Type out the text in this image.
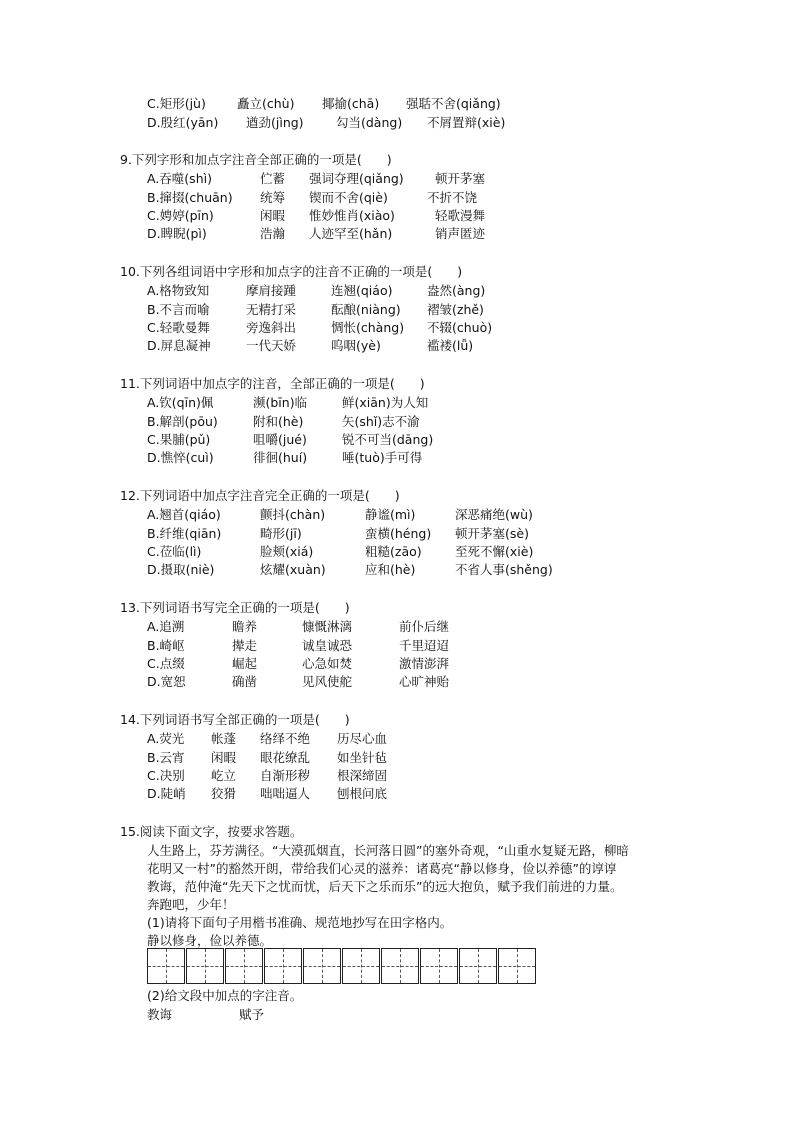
C.矩形(jù) 矗立(chù) 揶揄(chā) 强聒不舍(qiǎng)
D.殷红(yān) 遒劲(jìng)	勾当(dàng) 不屑置辩(xiè)
9.下列字形和加点字注音全部正确的一项是(　　)
A.吞噬(shì)	伫蓄 强词夺理(qiǎng)	顿开茅塞
B.撺掇(chuān) 统筹 锲而不舍(qiè)	不折不饶
C.娉婷(pīn)	闲暇 惟妙惟肖(xiào)	轻歌漫舞
D.睥睨(pì)	浩瀚 人迹罕至(hǎn)	销声匿迹
10.下列各组词语中字形和加点字的注音不正确的一项是(　　)
A.格物致知	摩肩接踵	连翘(qiáo)	盎然(àng)
B.不言而喻	无精打采	酝酿(niàng) 褶皱(zhě)
C.轻歌曼舞	旁逸斜出	惆怅(chàng) 不辍(chuò)
D.屏息凝神	一代天娇	呜咽(yè)	褴褛(lǚ)
11.下列词语中加点字的注音，全部正确的一项是(　　)
A.钦(qīn)佩	濒(bīn)临	鲜(xiān)为人知
B.解剖(pōu)	附和(hè)	矢(shǐ)志不渝
C.果脯(pǔ)	咀嚼(jué)	锐不可当(dāng)
D.憔悴(cuì)	徘徊(huí)	唾(tuò)手可得
12.下列词语中加点字注音完全正确的一项是(　　)
A.翘首(qiáo)	颤抖(chàn)	静谧(mì)	深恶痛绝(wù)
B.纤维(qiān)	畸形(jī)	蛮横(héng) 顿开茅塞(sè)
C.莅临(lì)	脸颊(xiá)	粗糙(zāo)	至死不懈(xiè)
D.摄取(niè)	炫耀(xuàn)	应和(hè)	不省人事(shěng)
13.下列词语书写完全正确的一项是(　　)
A.追溯	瞻养	慷慨淋漓	前仆后继
B.崎岖	撵走	诚皇诚恐	千里迢迢
C.点缀	崛起	心急如焚	激情澎湃
D.宽恕	确凿	见风使舵	心旷神贻
14.下列词语书写全部正确的一项是(　　)
A.荧光 帐蓬 络绎不绝 历尽心血
B.云宵 闲暇 眼花缭乱 如坐针毡
C.决别 屹立 自渐形秽 根深缔固
D.陡峭 狡猾 咄咄逼人 刨根问底
15.阅读下面文字，按要求答题。
人生路上，芬芳满径。“大漠孤烟直，长河落日圆”的塞外奇观，“山重水复疑无路，柳暗
花明又一村”的豁然开朗，带给我们心灵的滋养：诸葛亮“静以修身，俭以养德”的谆谆
教诲，范仲淹“先天下之忧而忧，后天下之乐而乐”的远大抱负，赋予我们前进的力量。
奔跑吧，少年！
(1)请将下面句子用楷书准确、规范地抄写在田字格内。
静以修身，俭以养德。
(2)给文段中加点的字注音。
教诲	赋予
